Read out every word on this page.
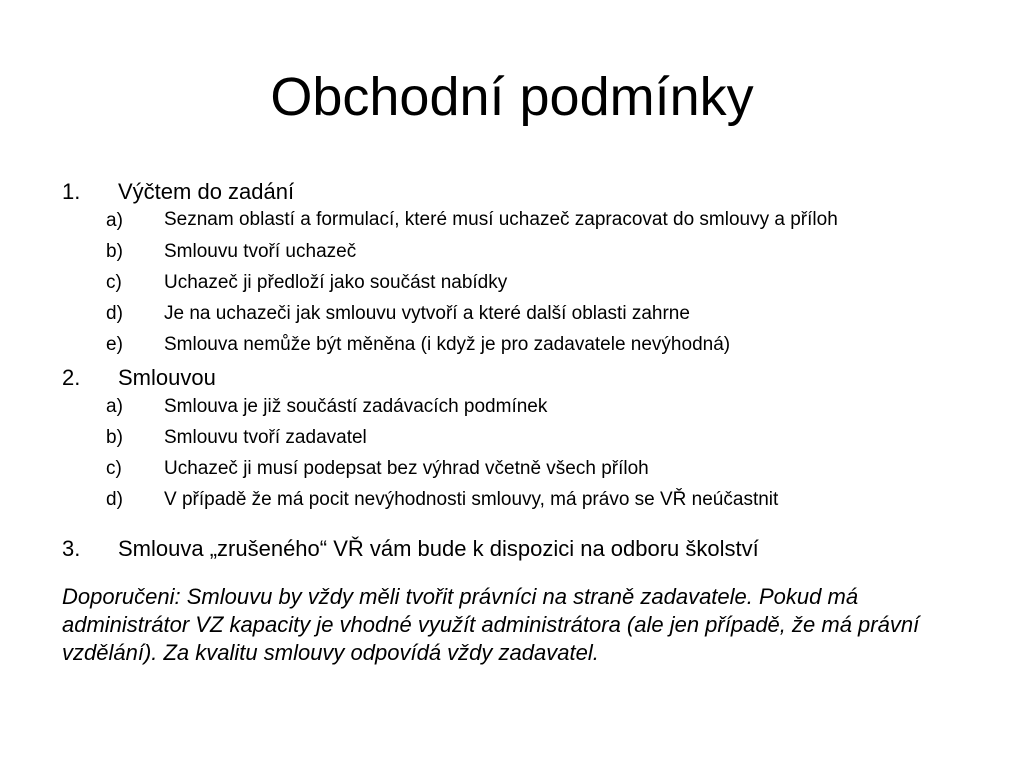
Obchodní podmínky
1.	Výčtem do zadání
a)	Seznam oblastí a formulací, které musí uchazeč zapracovat do smlouvy a příloh
b)	Smlouvu tvoří uchazeč
c)	Uchazeč ji předloží jako součást nabídky
d)	Je na uchazeči jak smlouvu vytvoří a které další oblasti zahrne
e)	Smlouva nemůže být měněna (i když je pro zadavatele nevýhodná)
2.	Smlouvou
a)	Smlouva je již součástí zadávacích podmínek
b)	Smlouvu tvoří zadavatel
c)	Uchazeč ji musí podepsat bez výhrad včetně všech příloh
d)	V případě že má pocit nevýhodnosti smlouvy, má právo se VŘ neúčastnit
3.	Smlouva „zrušeného“ VŘ vám bude k dispozici na odboru školství
Doporučeni: Smlouvu by vždy měli tvořit právníci na straně zadavatele. Pokud má administrátor VZ kapacity je vhodné využít administrátora (ale jen případě, že má právní vzdělání). Za kvalitu smlouvy odpovídá vždy zadavatel.
